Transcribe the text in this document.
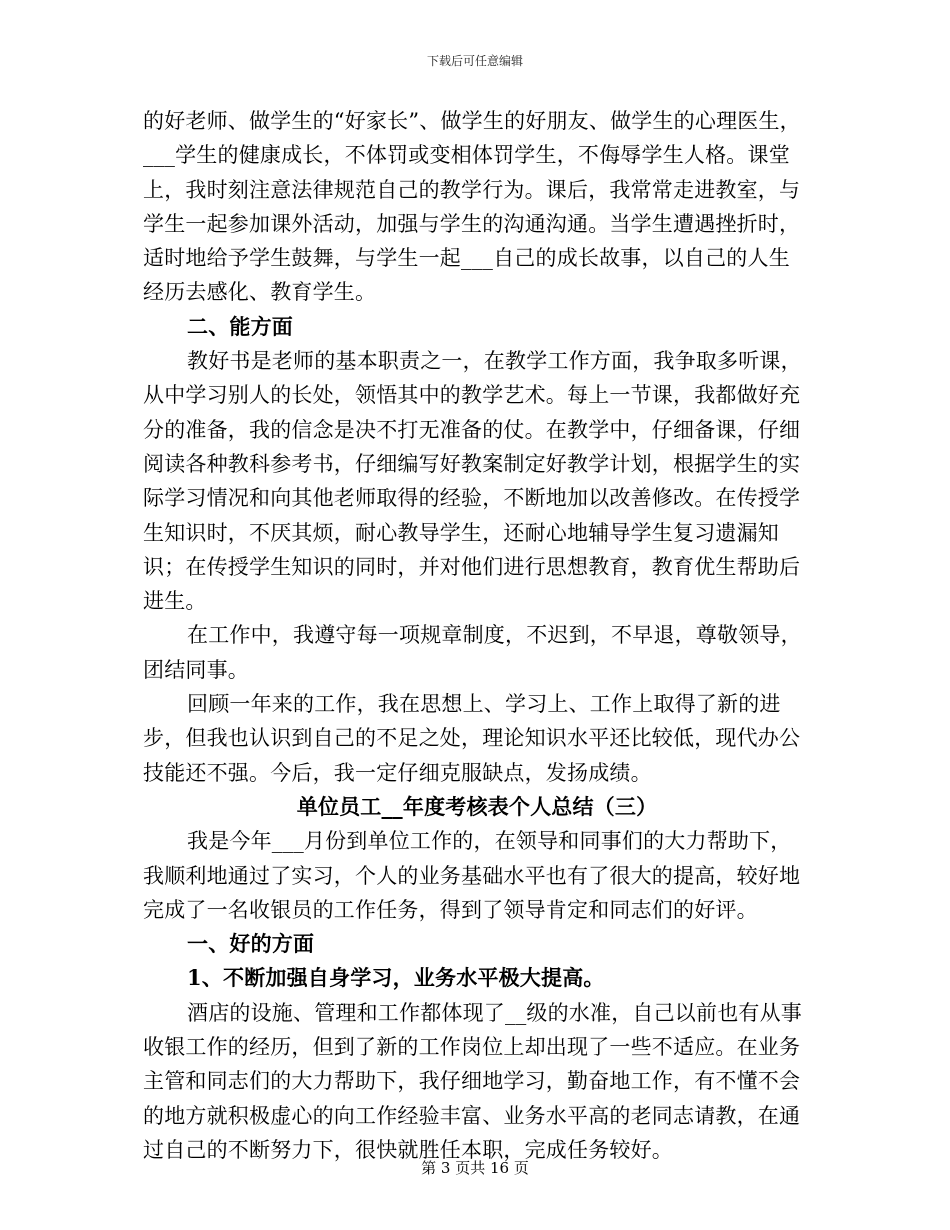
下载后可任意编辑

的好老师、做学生的“好家长”、做学生的好朋友、做学生的心理医生，___学生的健康成长，不体罚或变相体罚学生，不侮辱学生人格。课堂上，我时刻注意法律规范自己的教学行为。课后，我常常走进教室，与学生一起参加课外活动，加强与学生的沟通沟通。当学生遭遇挫折时，适时地给予学生鼓舞，与学生一起___自己的成长故事，以自己的人生经历去感化、教育学生。

二、能方面

教好书是老师的基本职责之一，在教学工作方面，我争取多听课，从中学习别人的长处，领悟其中的教学艺术。每上一节课，我都做好充分的准备，我的信念是决不打无准备的仗。在教学中，仔细备课，仔细阅读各种教科参考书，仔细编写好教案制定好教学计划，根据学生的实际学习情况和向其他老师取得的经验，不断地加以改善修改。在传授学生知识时，不厌其烦，耐心教导学生，还耐心地辅导学生复习遗漏知识；在传授学生知识的同时，并对他们进行思想教育，教育优生帮助后进生。

在工作中，我遵守每一项规章制度，不迟到，不早退，尊敬领导，团结同事。

回顾一年来的工作，我在思想上、学习上、工作上取得了新的进步，但我也认识到自己的不足之处，理论知识水平还比较低，现代办公技能还不强。今后，我一定仔细克服缺点，发扬成绩。

单位员工__年度考核表个人总结（三）

我是今年___月份到单位工作的，在领导和同事们的大力帮助下，我顺利地通过了实习，个人的业务基础水平也有了很大的提高，较好地完成了一名收银员的工作任务，得到了领导肯定和同志们的好评。

一、好的方面

1、不断加强自身学习，业务水平极大提高。

酒店的设施、管理和工作都体现了__级的水准，自己以前也有从事收银工作的经历，但到了新的工作岗位上却出现了一些不适应。在业务主管和同志们的大力帮助下，我仔细地学习，勤奋地工作，有不懂不会的地方就积极虚心的向工作经验丰富、业务水平高的老同志请教，在通过自己的不断努力下，很快就胜任本职，完成任务较好。

第 3 页共 16 页
